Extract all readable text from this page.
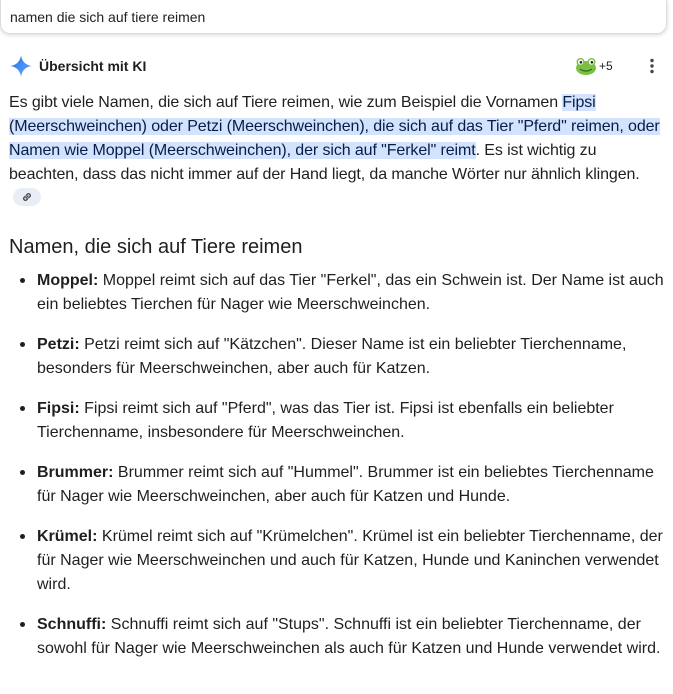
namen die sich auf tiere reimen
Übersicht mit KI	+5

Es gibt viele Namen, die sich auf Tiere reimen, wie zum Beispiel die Vornamen Fipsi (Meerschweinchen) oder Petzi (Meerschweinchen), die sich auf das Tier "Pferd" reimen, oder Namen wie Moppel (Meerschweinchen), der sich auf "Ferkel" reimt. Es ist wichtig zu beachten, dass das nicht immer auf der Hand liegt, da manche Wörter nur ähnlich klingen.

Namen, die sich auf Tiere reimen
Moppel: Moppel reimt sich auf das Tier "Ferkel", das ein Schwein ist. Der Name ist auch ein beliebtes Tierchen für Nager wie Meerschweinchen.
Petzi: Petzi reimt sich auf "Kätzchen". Dieser Name ist ein beliebter Tierchenname, besonders für Meerschweinchen, aber auch für Katzen.
Fipsi: Fipsi reimt sich auf "Pferd", was das Tier ist. Fipsi ist ebenfalls ein beliebter Tierchenname, insbesondere für Meerschweinchen.
Brummer: Brummer reimt sich auf "Hummel". Brummer ist ein beliebtes Tierchenname für Nager wie Meerschweinchen, aber auch für Katzen und Hunde.
Krümel: Krümel reimt sich auf "Krümelchen". Krümel ist ein beliebter Tierchenname, der für Nager wie Meerschweinchen und auch für Katzen, Hunde und Kaninchen verwendet wird.
Schnuffi: Schnuffi reimt sich auf "Stups". Schnuffi ist ein beliebter Tierchenname, der sowohl für Nager wie Meerschweinchen als auch für Katzen und Hunde verwendet wird.
